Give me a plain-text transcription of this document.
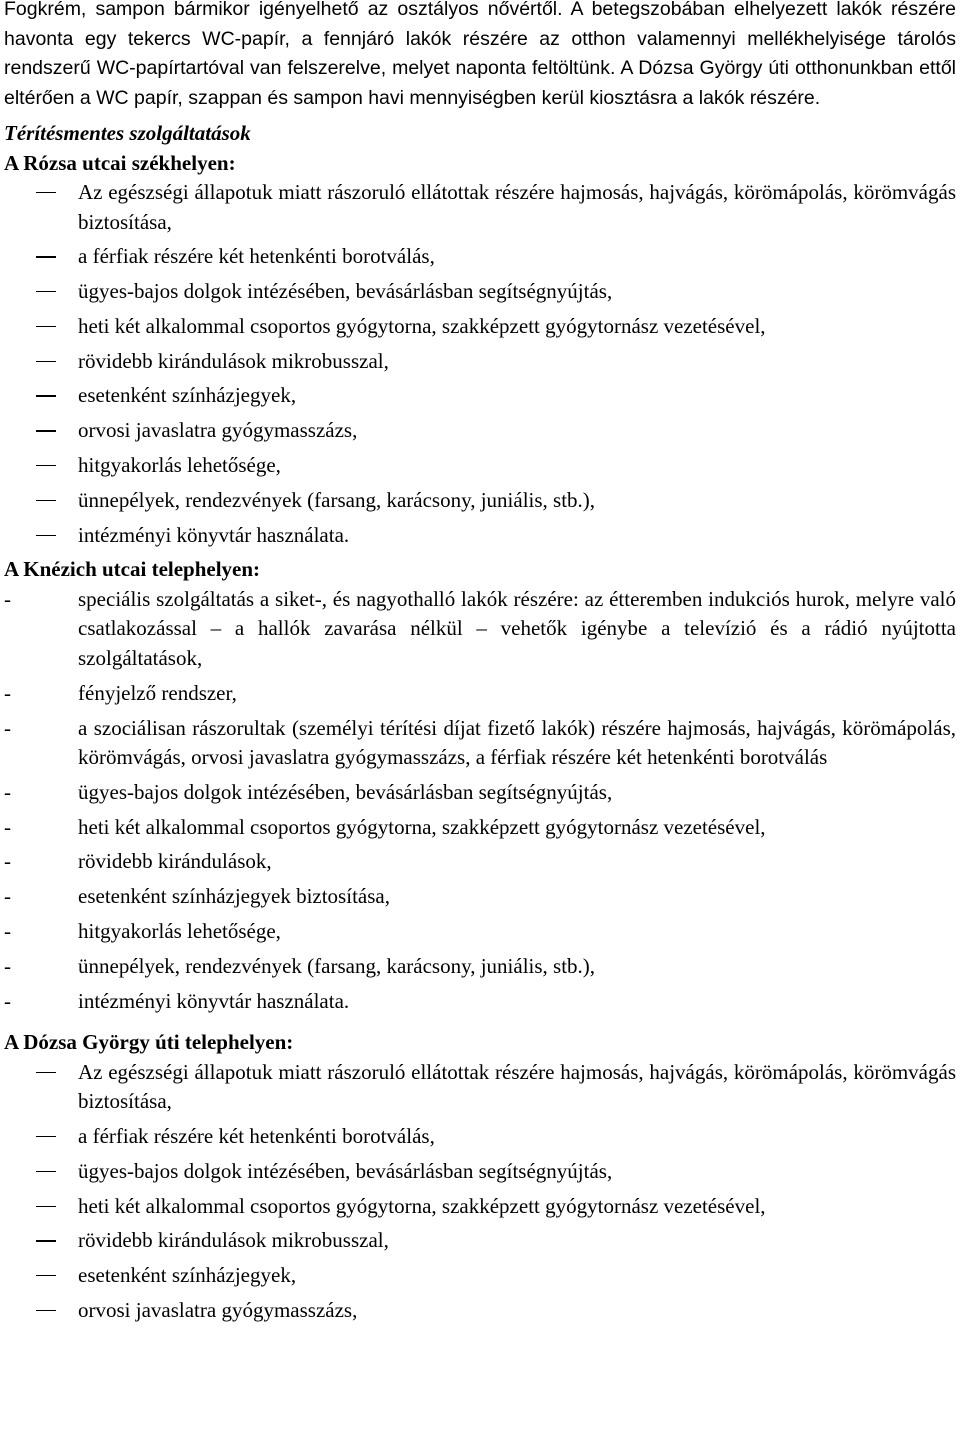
Fogkrém, sampon bármikor igényelhető az osztályos nővértől. A betegszobában elhelyezett lakók részére havonta egy tekercs WC-papír, a fennjáró lakók részére az otthon valamennyi mellékhelyisége tárolós rendszerű WC-papírtartóval van felszerelve, melyet naponta feltöltünk. A Dózsa György úti otthonunkban ettől eltérően a WC papír, szappan és sampon havi mennyiségben kerül kiosztásra a lakók részére.

Térítésmentes szolgáltatások
A Rózsa utcai székhelyen:
Az egészségi állapotuk miatt rászoruló ellátottak részére hajmosás, hajvágás, körömápolás, körömvágás biztosítása,
a férfiak részére két hetenkénti borotválás,
ügyes-bajos dolgok intézésében, bevásárlásban segítségnyújtás,
heti két alkalommal csoportos gyógytorna, szakképzett gyógytornász vezetésével,
rövidebb kirándulások mikrobusszal,
esetenként színházjegyek,
orvosi javaslatra gyógymasszázs,
hitgyakorlás lehetősége,
ünnepélyek, rendezvények (farsang, karácsony, juniális, stb.),
intézményi könyvtár használata.
A Knézich utcai telephelyen:
-	speciális szolgáltatás a siket-, és nagyothalló lakók részére: az étteremben indukciós hurok, melyre való csatlakozással – a hallók zavarása nélkül – vehetők igénybe a televízió és a rádió nyújtotta szolgáltatások,
-	fényjelző rendszer,
-	a szociálisan rászorultak (személyi térítési díjat fizető lakók) részére hajmosás, hajvágás, körömápolás, körömvágás, orvosi javaslatra gyógymasszázs, a férfiak részére két hetenkénti borotválás
-	ügyes-bajos dolgok intézésében, bevásárlásban segítségnyújtás,
-	heti két alkalommal csoportos gyógytorna, szakképzett gyógytornász vezetésével,
-	rövidebb kirándulások,
-	esetenként színházjegyek biztosítása,
-	hitgyakorlás lehetősége,
-	ünnepélyek, rendezvények (farsang, karácsony, juniális, stb.),
-	intézményi könyvtár használata.
A Dózsa György úti telephelyen:
Az egészségi állapotuk miatt rászoruló ellátottak részére hajmosás, hajvágás, körömápolás, körömvágás biztosítása,
a férfiak részére két hetenkénti borotválás,
ügyes-bajos dolgok intézésében, bevásárlásban segítségnyújtás,
heti két alkalommal csoportos gyógytorna, szakképzett gyógytornász vezetésével,
rövidebb kirándulások mikrobusszal,
esetenként színházjegyek,
orvosi javaslatra gyógymasszázs,
